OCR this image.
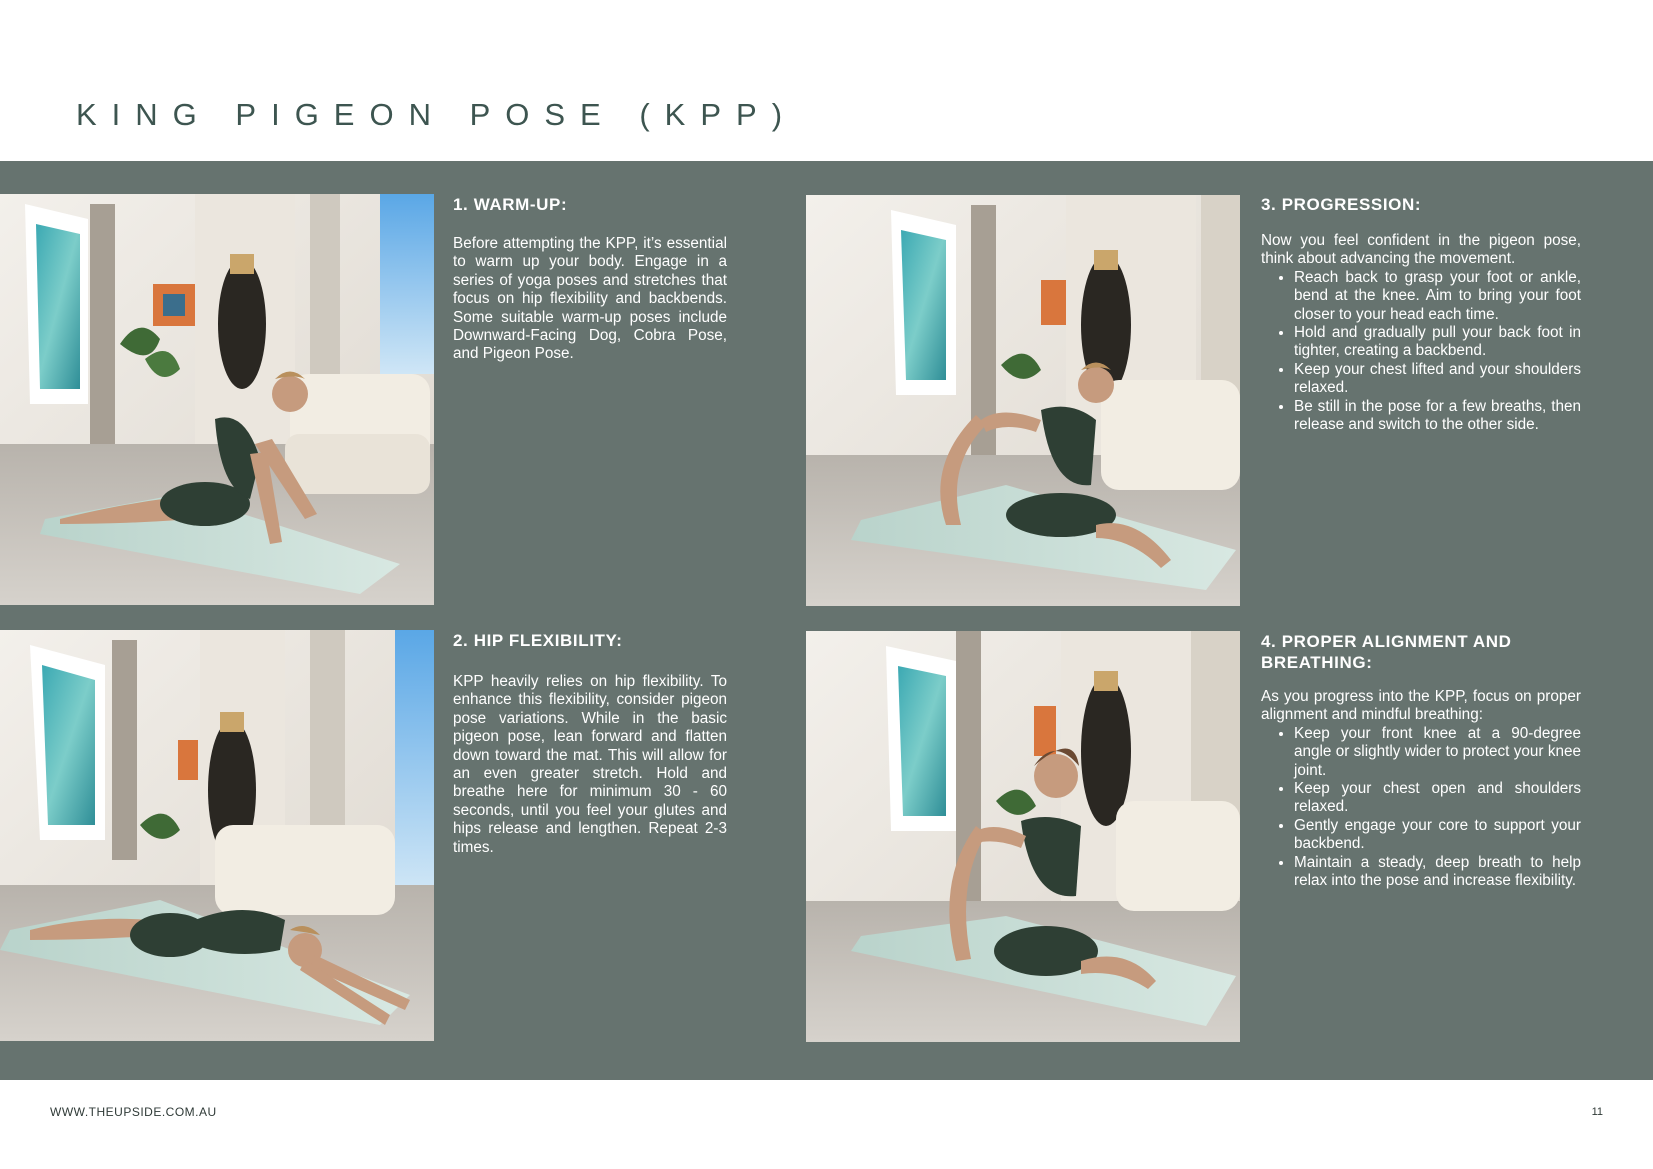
KING PIGEON POSE (KPP)
1. WARM-UP:

Before attempting the KPP, it’s essential to warm up your body. Engage in a series of yoga poses and stretches that focus on hip flexibility and backbends. Some suitable warm-up poses include Downward-Facing Dog, Cobra Pose, and Pigeon Pose.

3. PROGRESSION:

Now you feel confident in the pigeon pose, think about advancing the movement.

• Reach back to grasp your foot or ankle, bend at the knee. Aim to bring your foot closer to your head each time.
• Hold and gradually pull your back foot in tighter, creating a backbend.
• Keep your chest lifted and your shoulders relaxed.
• Be still in the pose for a few breaths, then release and switch to the other side.
2. HIP FLEXIBILITY:

KPP heavily relies on hip flexibility. To enhance this flexibility, consider pigeon pose variations. While in the basic pigeon pose, lean forward and flatten down toward the mat. This will allow for an even greater stretch. Hold and breathe here for minimum 30 - 60 seconds, until you feel your glutes and hips release and lengthen. Repeat 2-3 times.

4. PROPER ALIGNMENT AND BREATHING:

As you progress into the KPP, focus on proper alignment and mindful breathing:

• Keep your front knee at a 90-degree angle or slightly wider to protect your knee joint.
• Keep your chest open and shoulders relaxed.
• Gently engage your core to support your backbend.
• Maintain a steady, deep breath to help relax into the pose and increase flexibility.
WWW.THEUPSIDE.COM.AU	11
